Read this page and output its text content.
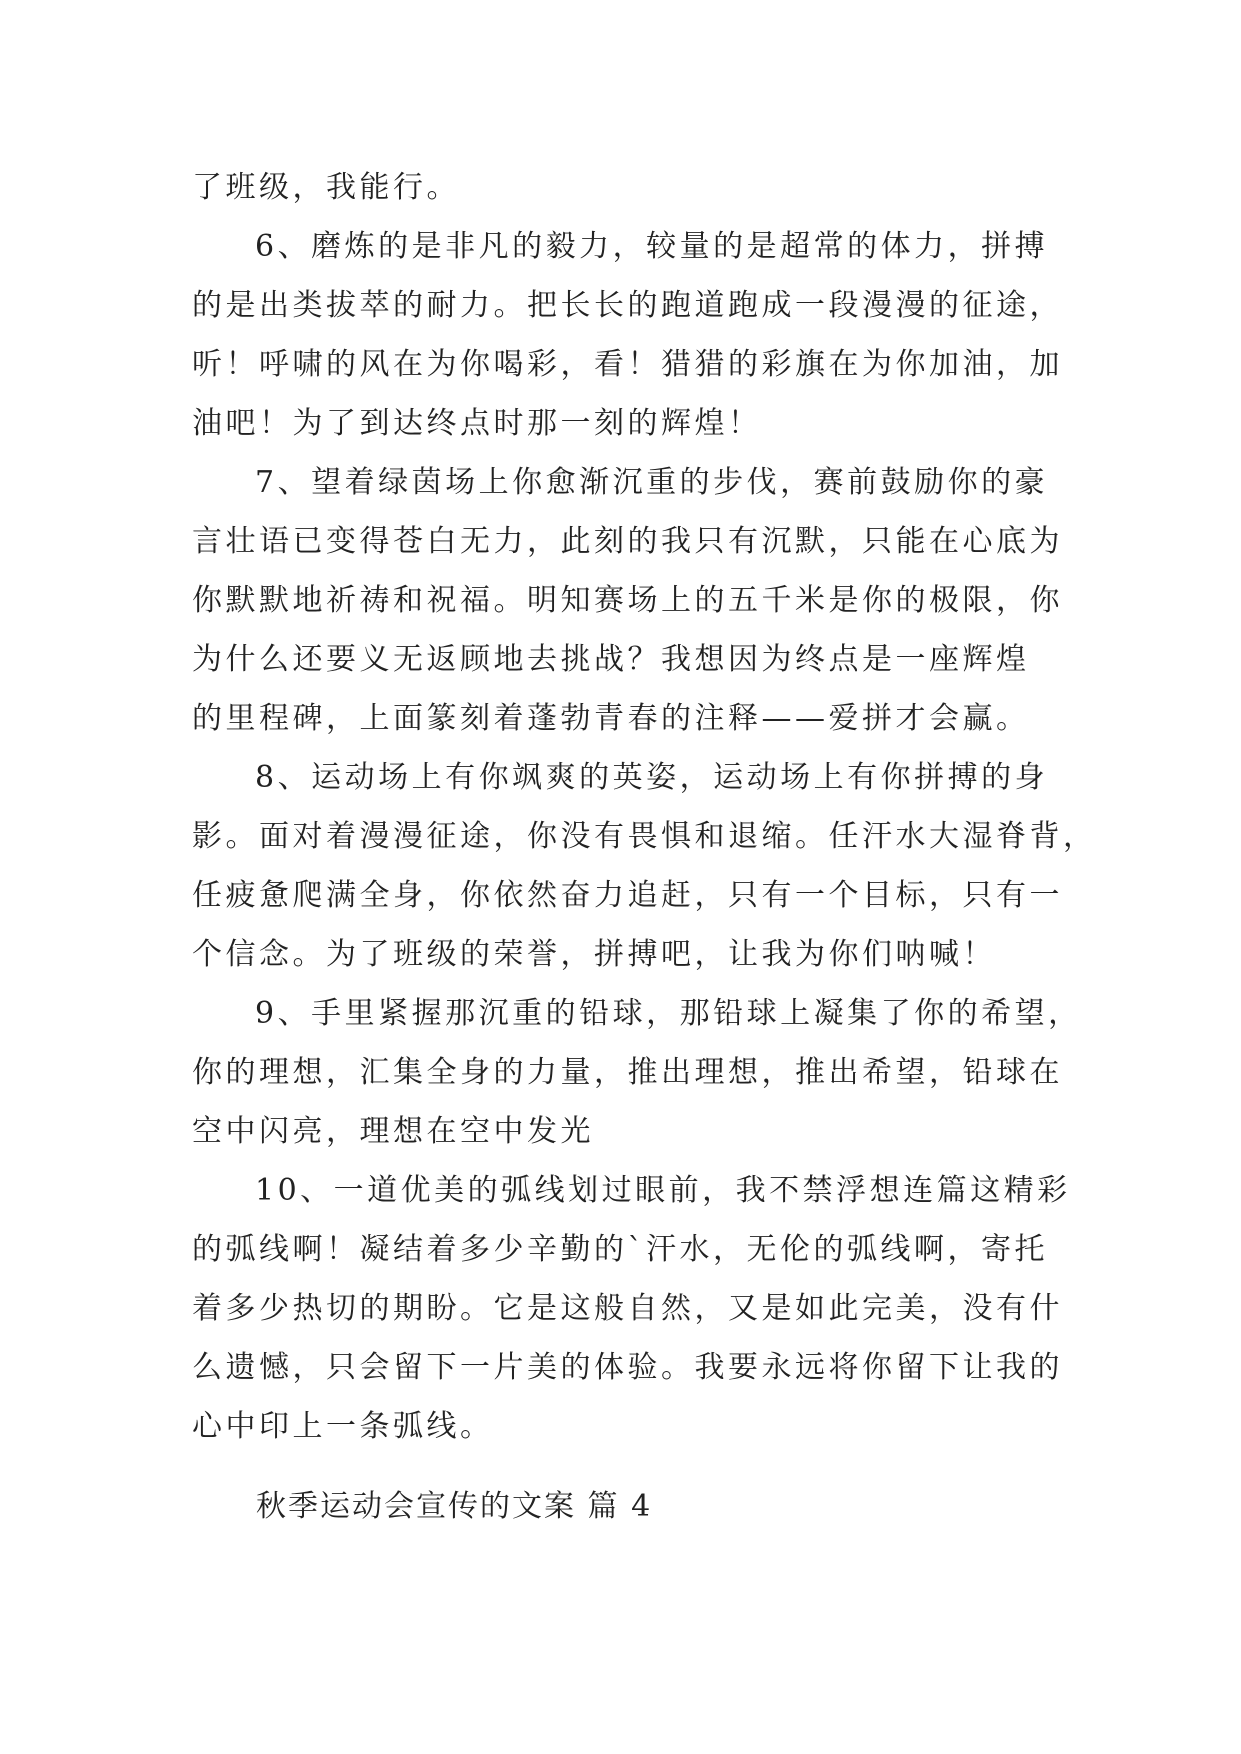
了班级，我能行。
6、磨炼的是非凡的毅力，较量的是超常的体力，拼搏
的是出类拔萃的耐力。把长长的跑道跑成一段漫漫的征途，
听！呼啸的风在为你喝彩，看！猎猎的彩旗在为你加油，加
油吧！为了到达终点时那一刻的辉煌！
7、望着绿茵场上你愈渐沉重的步伐，赛前鼓励你的豪
言壮语已变得苍白无力，此刻的我只有沉默，只能在心底为
你默默地祈祷和祝福。明知赛场上的五千米是你的极限，你
为什么还要义无返顾地去挑战？我想因为终点是一座辉煌
的里程碑，上面篆刻着蓬勃青春的注释——爱拼才会赢。
8、运动场上有你飒爽的英姿，运动场上有你拼搏的身
影。面对着漫漫征途，你没有畏惧和退缩。任汗水大湿脊背，
任疲惫爬满全身，你依然奋力追赶，只有一个目标，只有一
个信念。为了班级的荣誉，拼搏吧，让我为你们呐喊！
9、手里紧握那沉重的铅球，那铅球上凝集了你的希望，
你的理想，汇集全身的力量，推出理想，推出希望，铅球在
空中闪亮，理想在空中发光
10、一道优美的弧线划过眼前，我不禁浮想连篇这精彩
的弧线啊！凝结着多少辛勤的`汗水，无伦的弧线啊，寄托
着多少热切的期盼。它是这般自然，又是如此完美，没有什
么遗憾，只会留下一片美的体验。我要永远将你留下让我的
心中印上一条弧线。
秋季运动会宣传的文案 篇 4
